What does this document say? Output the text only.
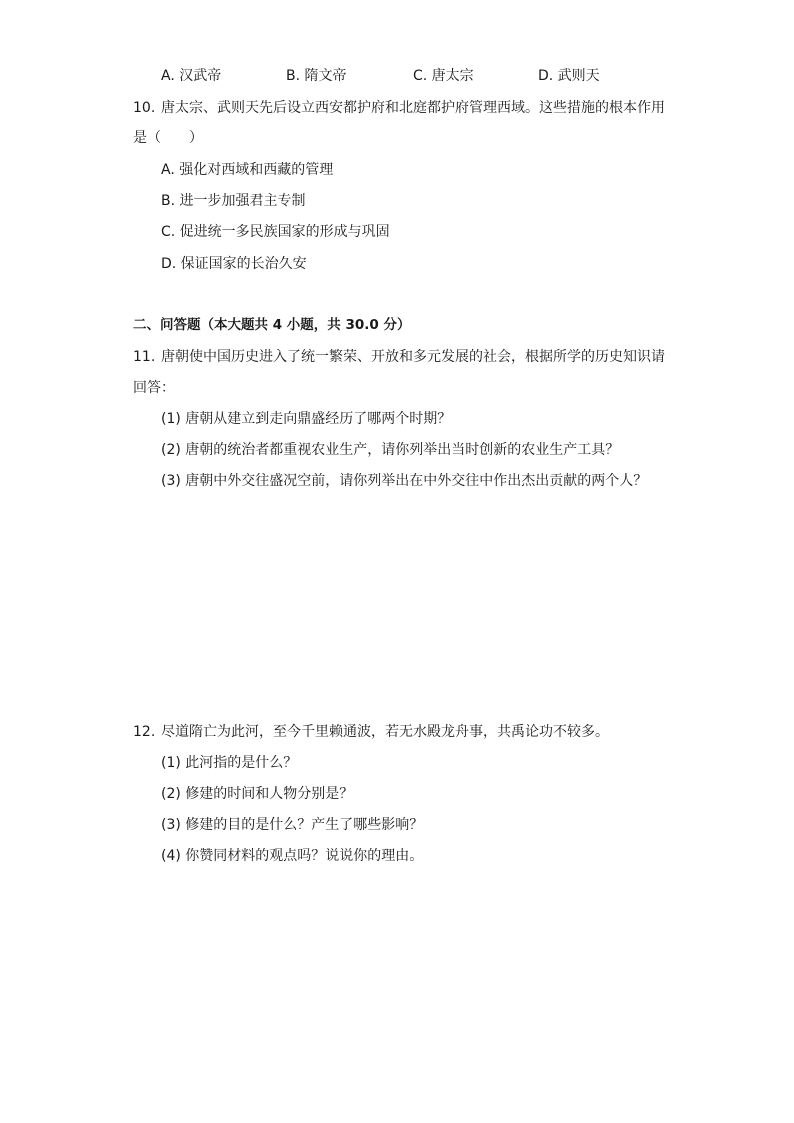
A. 汉武帝	B. 隋文帝	C. 唐太宗	D. 武则天
10. 唐太宗、武则天先后设立西安都护府和北庭都护府管理西域。这些措施的根本作用
是（　　）
A. 强化对西域和西藏的管理
B. 进一步加强君主专制
C. 促进统一多民族国家的形成与巩固
D. 保证国家的长治久安
二、问答题（本大题共 4 小题，共 30.0 分）
11. 唐朝使中国历史进入了统一繁荣、开放和多元发展的社会，根据所学的历史知识请
回答：
(1) 唐朝从建立到走向鼎盛经历了哪两个时期？
(2) 唐朝的统治者都重视农业生产，请你列举出当时创新的农业生产工具？
(3) 唐朝中外交往盛况空前，请你列举出在中外交往中作出杰出贡献的两个人？
12. 尽道隋亡为此河，至今千里赖通波，若无水殿龙舟事，共禹论功不较多。
(1) 此河指的是什么？
(2) 修建的时间和人物分别是？
(3) 修建的目的是什么？产生了哪些影响？
(4) 你赞同材料的观点吗？说说你的理由。
